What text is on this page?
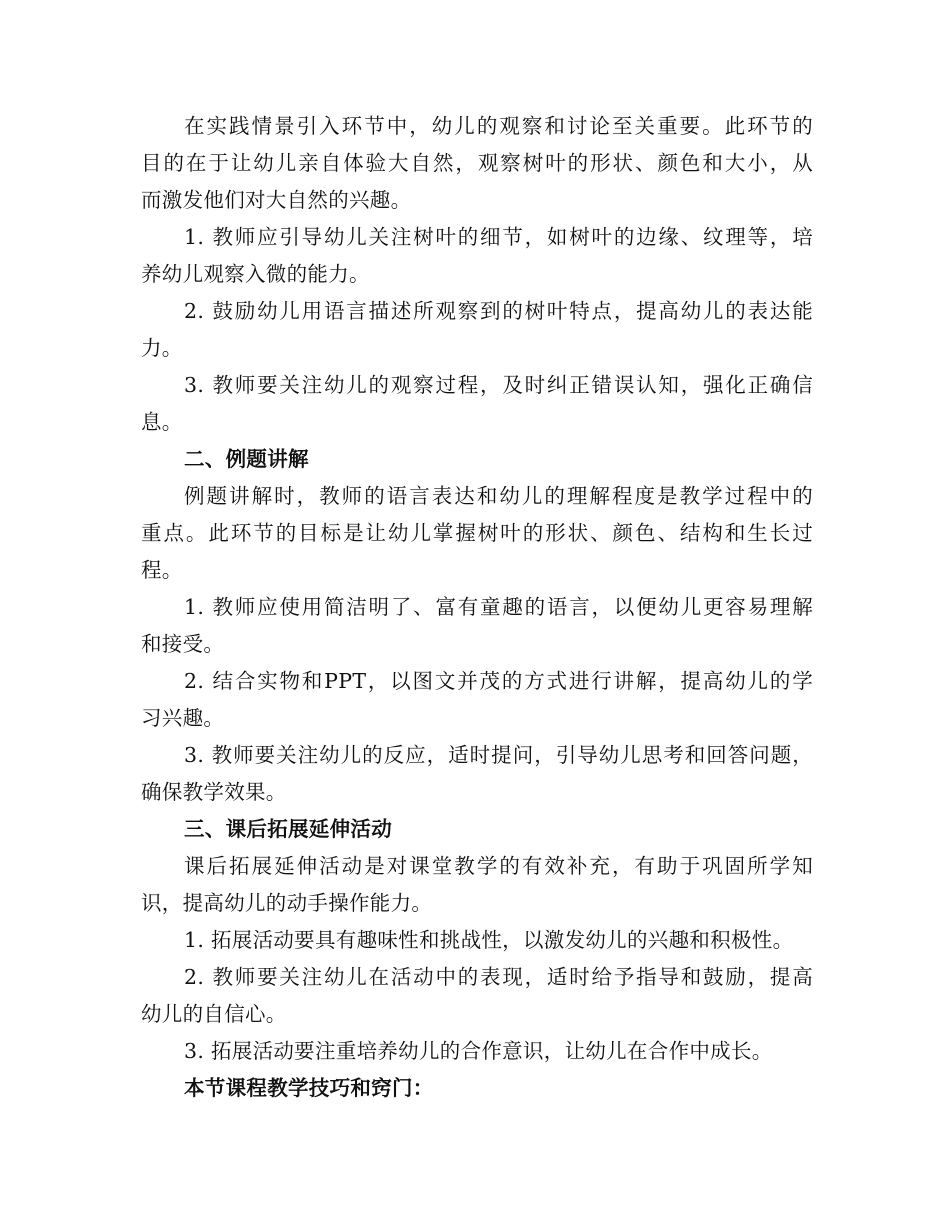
在实践情景引入环节中，幼儿的观察和讨论至关重要。此环节的
目的在于让幼儿亲自体验大自然，观察树叶的形状、颜色和大小，从
而激发他们对大自然的兴趣。
1. 教师应引导幼儿关注树叶的细节，如树叶的边缘、纹理等，培
养幼儿观察入微的能力。
2. 鼓励幼儿用语言描述所观察到的树叶特点，提高幼儿的表达能
力。
3. 教师要关注幼儿的观察过程，及时纠正错误认知，强化正确信
息。
二、例题讲解
例题讲解时，教师的语言表达和幼儿的理解程度是教学过程中的
重点。此环节的目标是让幼儿掌握树叶的形状、颜色、结构和生长过
程。
1. 教师应使用简洁明了、富有童趣的语言，以便幼儿更容易理解
和接受。
2. 结合实物和PPT，以图文并茂的方式进行讲解，提高幼儿的学
习兴趣。
3. 教师要关注幼儿的反应，适时提问，引导幼儿思考和回答问题，
确保教学效果。
三、课后拓展延伸活动
课后拓展延伸活动是对课堂教学的有效补充，有助于巩固所学知
识，提高幼儿的动手操作能力。
1. 拓展活动要具有趣味性和挑战性，以激发幼儿的兴趣和积极性。
2. 教师要关注幼儿在活动中的表现，适时给予指导和鼓励，提高
幼儿的自信心。
3. 拓展活动要注重培养幼儿的合作意识，让幼儿在合作中成长。
本节课程教学技巧和窍门：
